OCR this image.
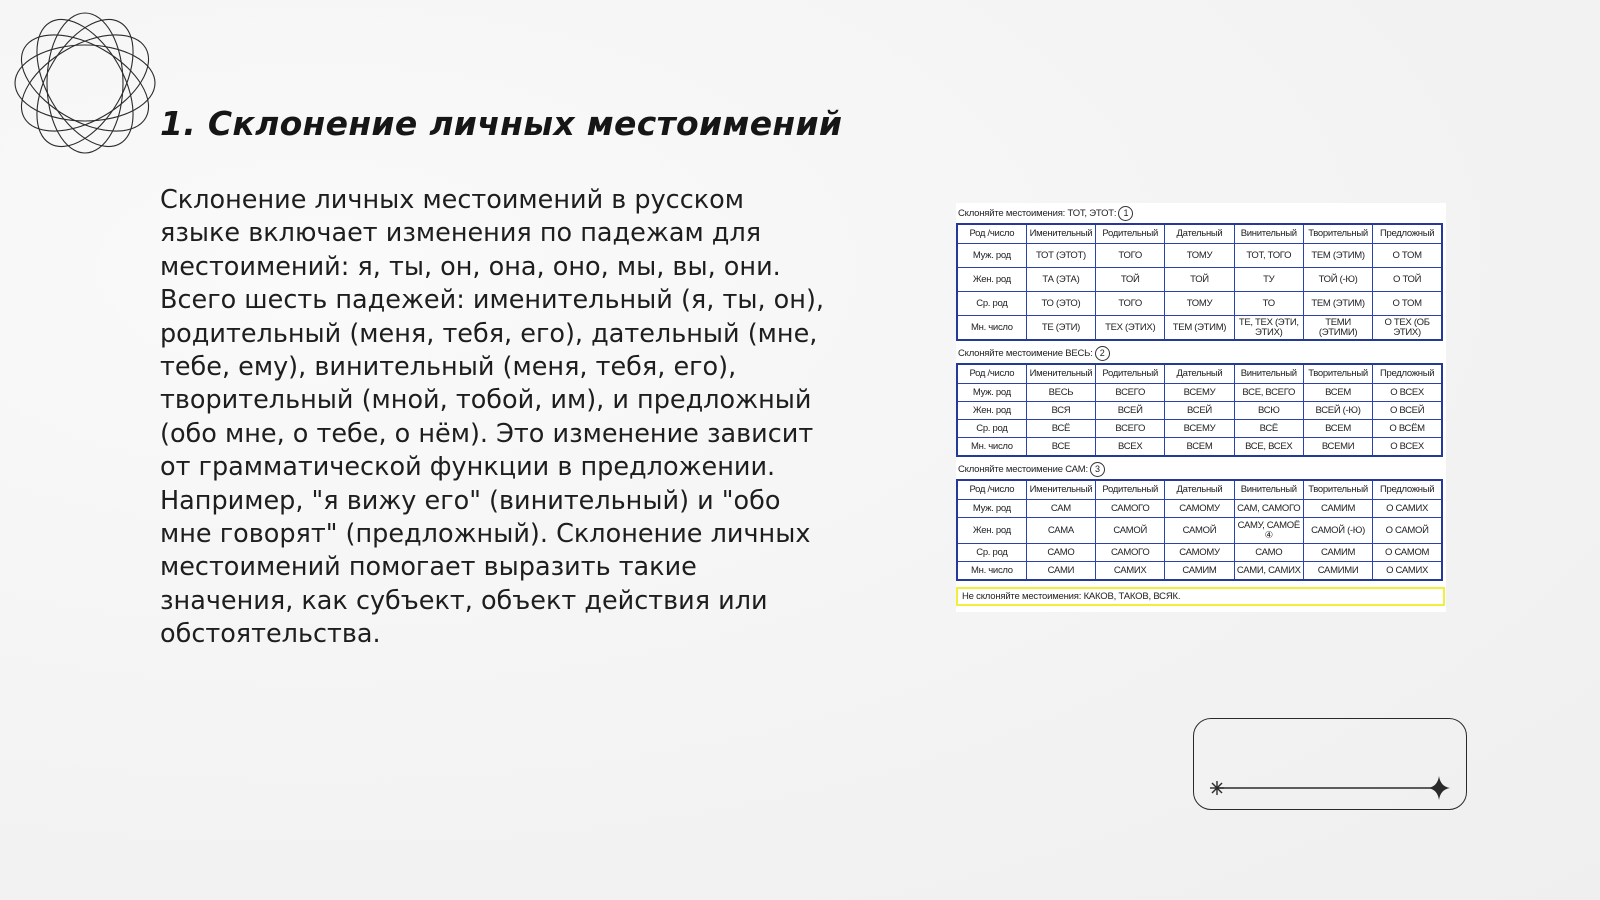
1. Склонение личных местоимений

Склонение личных местоимений в русском языке включает изменения по падежам для местоимений: я, ты, он, она, оно, мы, вы, они. Всего шесть падежей: именительный (я, ты, он), родительный (меня, тебя, его), дательный (мне, тебе, ему), винительный (меня, тебя, его), творительный (мной, тобой, им), и предложный (обо мне, о тебе, о нём). Это изменение зависит от грамматической функции в предложении. Например, "я вижу его" (винительный) и "обо мне говорят" (предложный). Склонение личных местоимений помогает выразить такие значения, как субъект, объект действия или обстоятельства.

Склоняйте местоимения: ТОТ, ЭТОТ: 1
Род /число	Именительный	Родительный	Дательный	Винительный	Творительный	Предложный
Муж. род	ТОТ (ЭТОТ)	ТОГО	ТОМУ	ТОТ, ТОГО	ТЕМ (ЭТИМ)	О ТОМ
Жен. род	ТА (ЭТА)	ТОЙ	ТОЙ	ТУ	ТОЙ (-Ю)	О ТОЙ
Ср. род	ТО (ЭТО)	ТОГО	ТОМУ	ТО	ТЕМ (ЭТИМ)	О ТОМ
Мн. число	ТЕ (ЭТИ)	ТЕХ (ЭТИХ)	ТЕМ (ЭТИМ)	ТЕ, ТЕХ (ЭТИ, ЭТИХ)	ТЕМИ (ЭТИМИ)	О ТЕХ (ОБ ЭТИХ)
Склоняйте местоимение ВЕСЬ: 2
Род /число	Именительный	Родительный	Дательный	Винительный	Творительный	Предложный
Муж. род	ВЕСЬ	ВСЕГО	ВСЕМУ	ВСЕ, ВСЕГО	ВСЕМ	О ВСЕХ
Жен. род	ВСЯ	ВСЕЙ	ВСЕЙ	ВСЮ	ВСЕЙ (-Ю)	О ВСЕЙ
Ср. род	ВСЁ	ВСЕГО	ВСЕМУ	ВСЁ	ВСЕМ	О ВСЁМ
Мн. число	ВСЕ	ВСЕХ	ВСЕМ	ВСЕ, ВСЕХ	ВСЕМИ	О ВСЕХ
Склоняйте местоимение САМ: 3
Род /число	Именительный	Родительный	Дательный	Винительный	Творительный	Предложный
Муж. род	САМ	САМОГО	САМОМУ	САМ, САМОГО	САМИМ	О САМИХ
Жен. род	САМА	САМОЙ	САМОЙ	САМУ, САМОЁ ④	САМОЙ (-Ю)	О САМОЙ
Ср. род	САМО	САМОГО	САМОМУ	САМО	САМИМ	О САМОМ
Мн. число	САМИ	САМИХ	САМИМ	САМИ, САМИХ	САМИМИ	О САМИХ
Не склоняйте местоимения: КАКОВ, ТАКОВ, ВСЯК.
